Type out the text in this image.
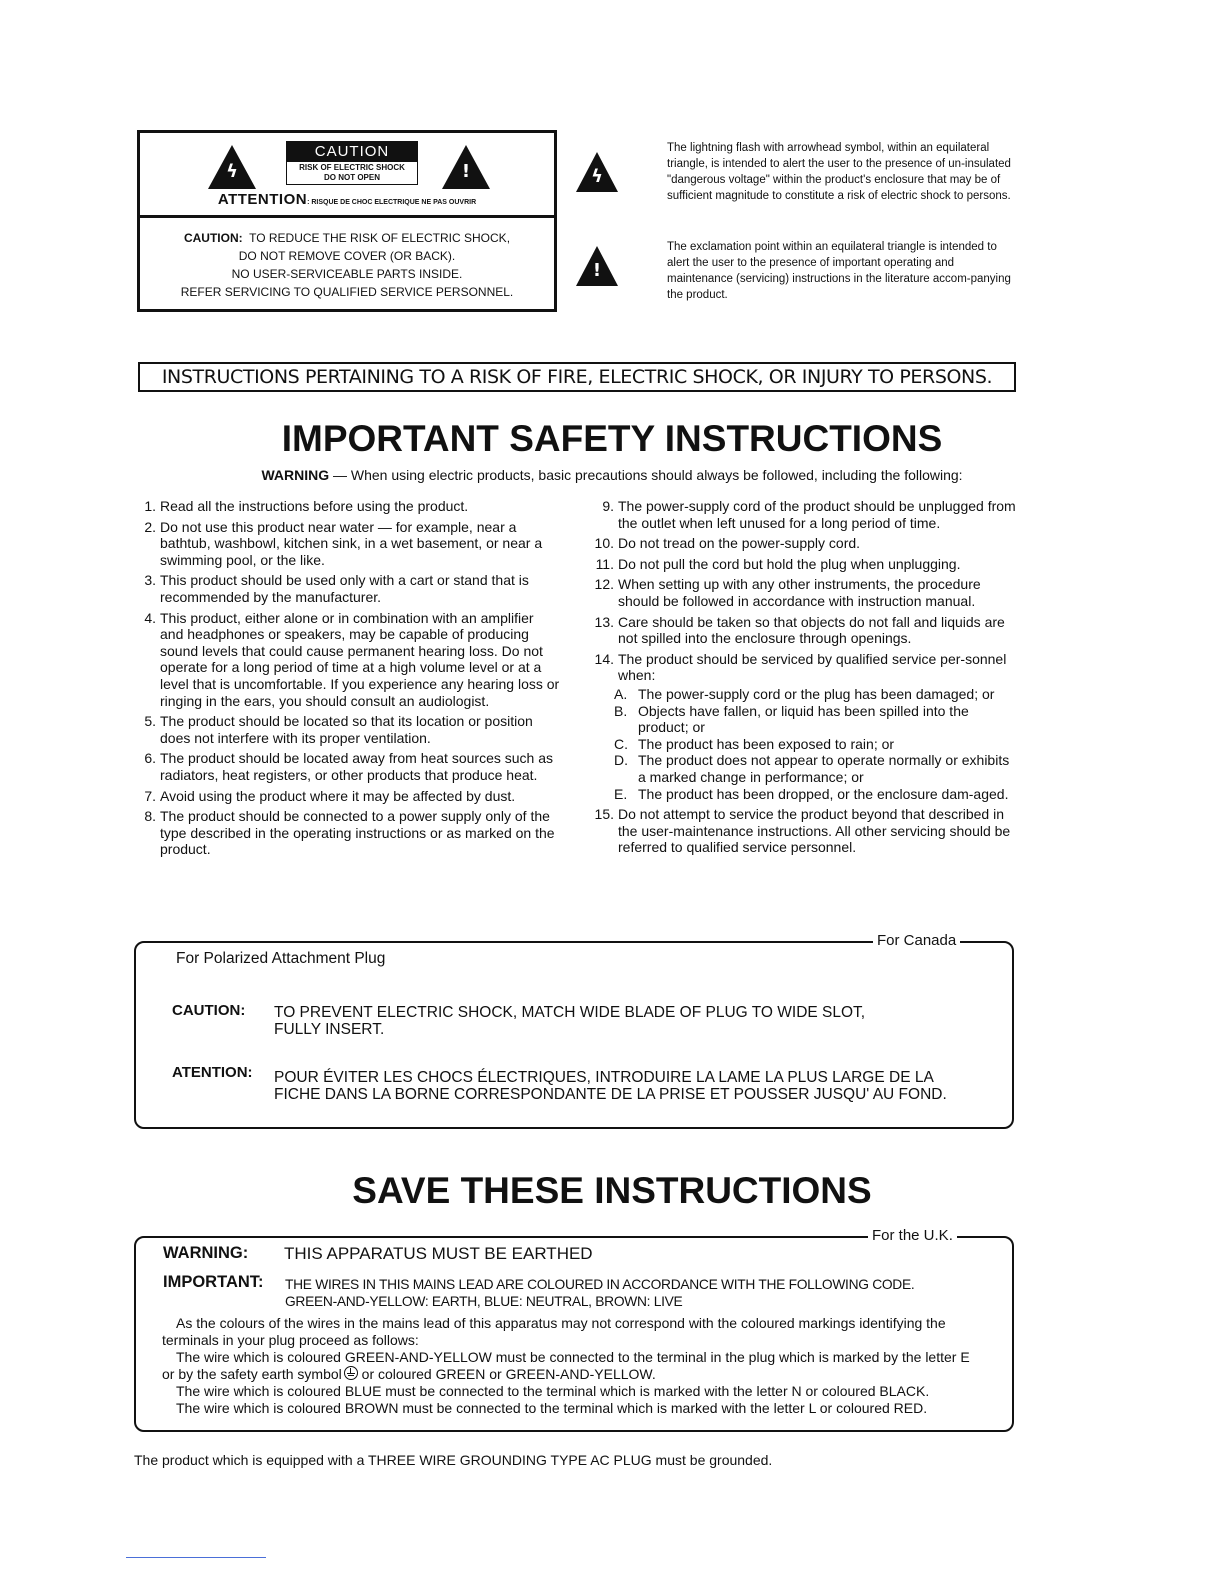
ϟ
CAUTION
RISK OF ELECTRIC SHOCK
DO NOT OPEN	!
ATTENTION: RISQUE DE CHOC ELECTRIQUE NE PAS OUVRIR
CAUTION: TO REDUCE THE RISK OF ELECTRIC SHOCK,
DO NOT REMOVE COVER (OR BACK).
NO USER-SERVICEABLE PARTS INSIDE.
REFER SERVICING TO QUALIFIED SERVICE PERSONNEL.
ϟ
The lightning flash with arrowhead symbol, within an equilateral triangle, is intended to alert the user to the presence of un-insulated "dangerous voltage" within the product's enclosure that may be of sufficient magnitude to constitute a risk of electric shock to persons.
!
The exclamation point within an equilateral triangle is intended to alert the user to the presence of important operating and maintenance (servicing) instructions in the literature accom-panying the product.
INSTRUCTIONS PERTAINING TO A RISK OF FIRE, ELECTRIC SHOCK, OR INJURY TO PERSONS.
IMPORTANT SAFETY INSTRUCTIONS
WARNING — When using electric products, basic precautions should always be followed, including the following:
1. Read all the instructions before using the product.
2. Do not use this product near water — for example, near a bathtub, washbowl, kitchen sink, in a wet basement, or near a swimming pool, or the like.
3. This product should be used only with a cart or stand that is recommended by the manufacturer.
4. This product, either alone or in combination with an amplifier and headphones or speakers, may be capable of producing sound levels that could cause permanent hearing loss. Do not operate for a long period of time at a high volume level or at a level that is uncomfortable. If you experience any hearing loss or ringing in the ears, you should consult an audiologist.
5. The product should be located so that its location or position does not interfere with its proper ventilation.
6. The product should be located away from heat sources such as radiators, heat registers, or other products that produce heat.
7. Avoid using the product where it may be affected by dust.
8. The product should be connected to a power supply only of the type described in the operating instructions or as marked on the product.
9. The power-supply cord of the product should be unplugged from the outlet when left unused for a long period of time.
10. Do not tread on the power-supply cord.
11. Do not pull the cord but hold the plug when unplugging.
12. When setting up with any other instruments, the procedure should be followed in accordance with instruction manual.
13. Care should be taken so that objects do not fall and liquids are not spilled into the enclosure through openings.
14. The product should be serviced by qualified service per-sonnel when:
A. The power-supply cord or the plug has been damaged; or
B. Objects have fallen, or liquid has been spilled into the product; or
C. The product has been exposed to rain; or
D. The product does not appear to operate normally or exhibits a marked change in performance; or
E. The product has been dropped, or the enclosure dam-aged.
15. Do not attempt to service the product beyond that described in the user-maintenance instructions. All other servicing should be referred to qualified service personnel.
For Canada
For Polarized Attachment Plug
CAUTION: TO PREVENT ELECTRIC SHOCK, MATCH WIDE BLADE OF PLUG TO WIDE SLOT,
FULLY INSERT.
ATENTION: POUR ÉVITER LES CHOCS ÉLECTRIQUES, INTRODUIRE LA LAME LA PLUS LARGE DE LA
FICHE DANS LA BORNE CORRESPONDANTE DE LA PRISE ET POUSSER JUSQU' AU FOND.
SAVE THESE INSTRUCTIONS
For the U.K.
WARNING: THIS APPARATUS MUST BE EARTHED
IMPORTANT: THE WIRES IN THIS MAINS LEAD ARE COLOURED IN ACCORDANCE WITH THE FOLLOWING CODE.
GREEN-AND-YELLOW: EARTH, BLUE: NEUTRAL, BROWN: LIVE

As the colours of the wires in the mains lead of this apparatus may not correspond with the coloured markings identifying the terminals in your plug proceed as follows:

The wire which is coloured GREEN-AND-YELLOW must be connected to the terminal in the plug which is marked by the letter E or by the safety earth symbol
or coloured GREEN or GREEN-AND-YELLOW.

The wire which is coloured BLUE must be connected to the terminal which is marked with the letter N or coloured BLACK.

The wire which is coloured BROWN must be connected to the terminal which is marked with the letter L or coloured RED.

The product which is equipped with a THREE WIRE GROUNDING TYPE AC PLUG must be grounded.
